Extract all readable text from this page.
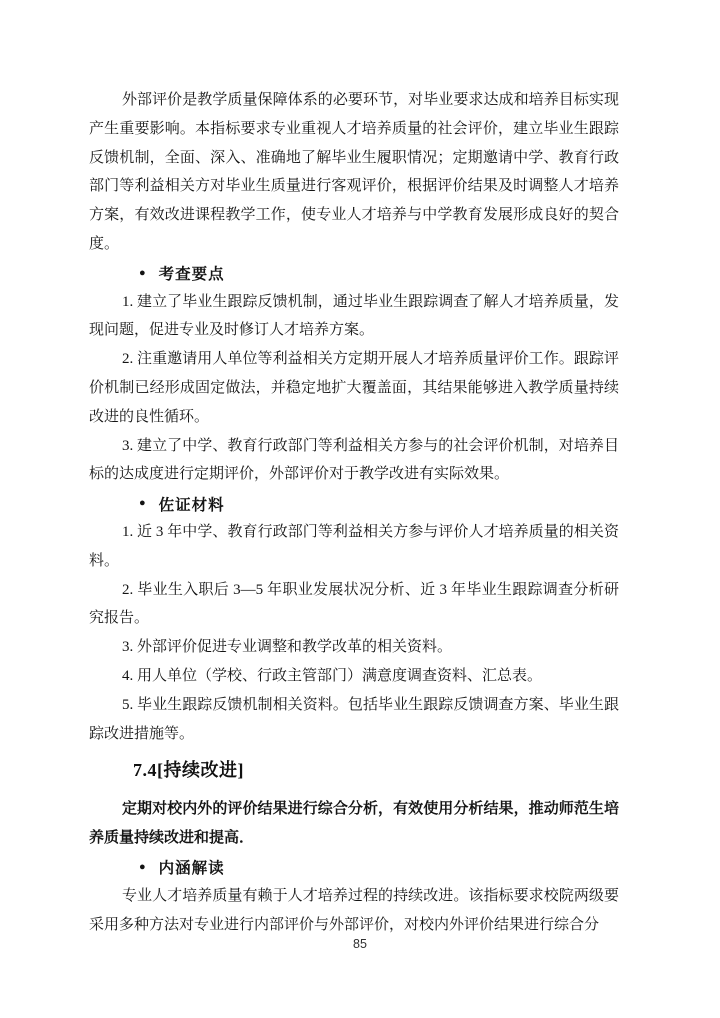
外部评价是教学质量保障体系的必要环节，对毕业要求达成和培养目标实现产生重要影响。本指标要求专业重视人才培养质量的社会评价，建立毕业生跟踪反馈机制，全面、深入、准确地了解毕业生履职情况；定期邀请中学、教育行政部门等利益相关方对毕业生质量进行客观评价，根据评价结果及时调整人才培养方案，有效改进课程教学工作，使专业人才培养与中学教育发展形成良好的契合度。

● 考查要点

1. 建立了毕业生跟踪反馈机制，通过毕业生跟踪调查了解人才培养质量，发现问题，促进专业及时修订人才培养方案。

2. 注重邀请用人单位等利益相关方定期开展人才培养质量评价工作。跟踪评价机制已经形成固定做法，并稳定地扩大覆盖面，其结果能够进入教学质量持续改进的良性循环。

3. 建立了中学、教育行政部门等利益相关方参与的社会评价机制，对培养目标的达成度进行定期评价，外部评价对于教学改进有实际效果。

● 佐证材料

1. 近 3 年中学、教育行政部门等利益相关方参与评价人才培养质量的相关资料。

2. 毕业生入职后 3—5 年职业发展状况分析、近 3 年毕业生跟踪调查分析研究报告。

3. 外部评价促进专业调整和教学改革的相关资料。

4. 用人单位（学校、行政主管部门）满意度调查资料、汇总表。

5. 毕业生跟踪反馈机制相关资料。包括毕业生跟踪反馈调查方案、毕业生跟踪改进措施等。

7.4[持续改进]

定期对校内外的评价结果进行综合分析，有效使用分析结果，推动师范生培养质量持续改进和提高．

● 内涵解读

专业人才培养质量有赖于人才培养过程的持续改进。该指标要求校院两级要采用多种方法对专业进行内部评价与外部评价，对校内外评价结果进行综合分

85
